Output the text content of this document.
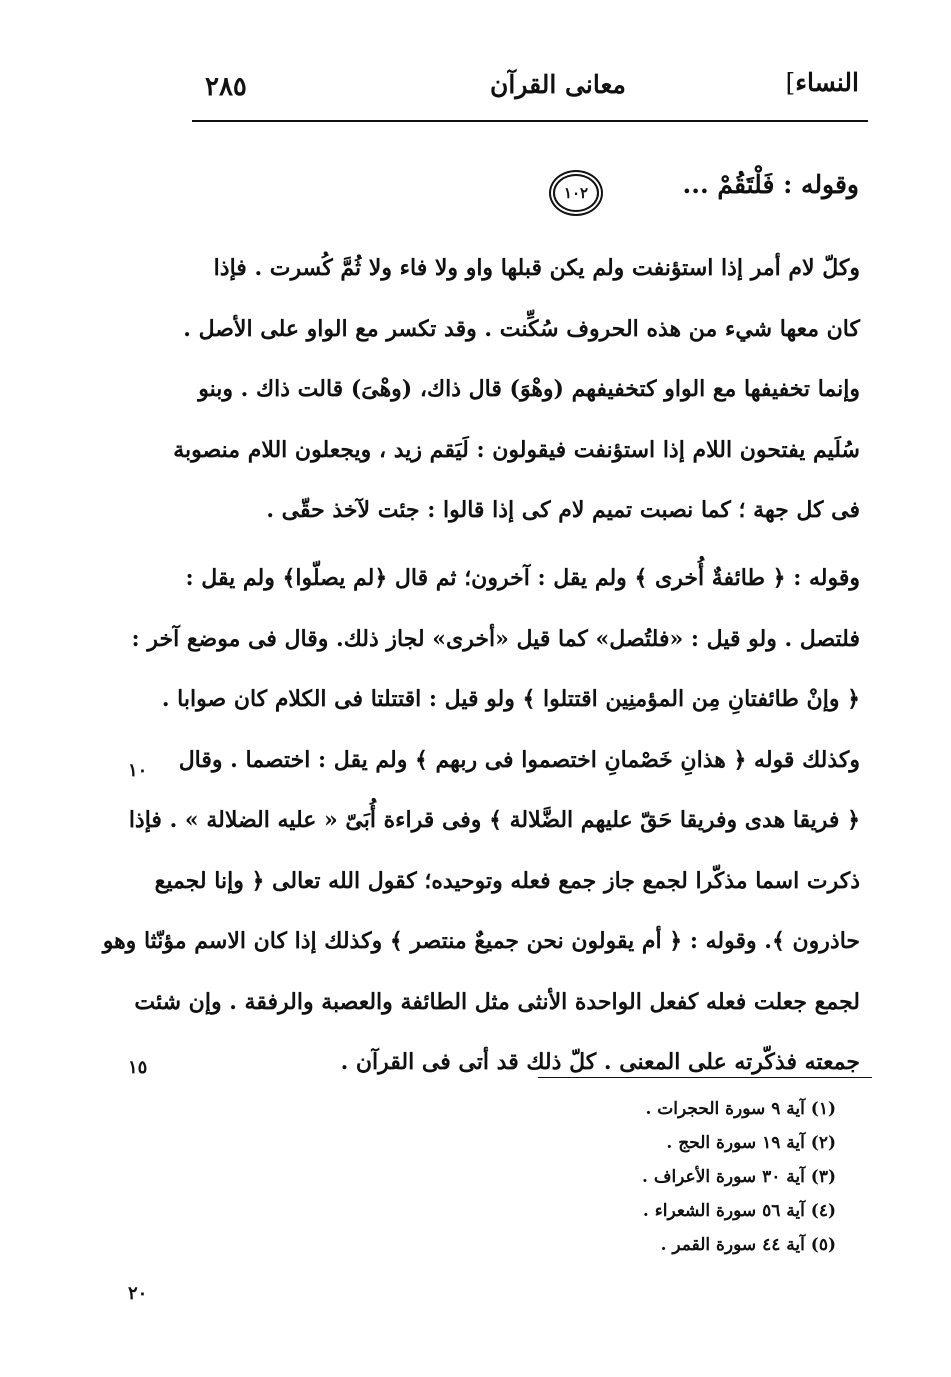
النساء]
معانى القرآن
٢٨٥
وقوله : فَلْتَقُمْ ...
١٠٢

وكلّ لام أمر إذا استؤنفت ولم يكن قبلها واو ولا فاء ولا ثُمَّ كُسرت . فإذا
كان معها شيء من هذه الحروف سُكِّنت . وقد تكسر مع الواو على الأصل .
وإنما تخفيفها مع الواو كتخفيفهم (وهْوَ) قال ذاك، (وهْىَ) قالت ذاك . وبنو
سُلَيم يفتحون اللام إذا استؤنفت فيقولون : لَيَقم زيد ، ويجعلون اللام منصوبة
فى كل جهة ؛ كما نصبت تميم لام كى إذا قالوا : جئت لآخذ حقّى .

وقوله : ﴿ طائفةٌ أُخرى ﴾ ولم يقل : آخرون؛ ثم قال ﴿لم يصلّوا﴾ ولم يقل :
فلتصل . ولو قيل : «فلتُصل» كما قيل «أخرى» لجاز ذلك. وقال فى موضع آخر :
﴿ وإنْ طائفتانِ مِن المؤمنِين اقتتلوا ﴾ ولو قيل : اقتتلتا فى الكلام كان صوابا .
وكذلك قوله ﴿ هذانِ خَصْمانِ اختصموا فى ربهم ﴾ ولم يقل : اختصما . وقال
﴿ فريقا هدى وفريقا حَقّ عليهم الضَّلالة ﴾ وفى قراءة أُبَىّ « عليه الضلالة » . فإذا
ذكرت اسما مذكّرا لجمع جاز جمع فعله وتوحيده؛ كقول الله تعالى ﴿ وإنا لجميع
حاذرون ﴾. وقوله : ﴿ أم يقولون نحن جميعٌ منتصر ﴾ وكذلك إذا كان الاسم مؤنّثا وهو
لجمع جعلت فعله كفعل الواحدة الأنثى مثل الطائفة والعصبة والرفقة . وإن شئت
جمعته فذكّرته على المعنى . كلّ ذلك قد أتى فى القرآن .

١٠
١٥
٢٠
(١) آية ٩ سورة الحجرات .
(٢) آية ١٩ سورة الحج .
(٣) آية ٣٠ سورة الأعراف .
(٤) آية ٥٦ سورة الشعراء .
(٥) آية ٤٤ سورة القمر .
